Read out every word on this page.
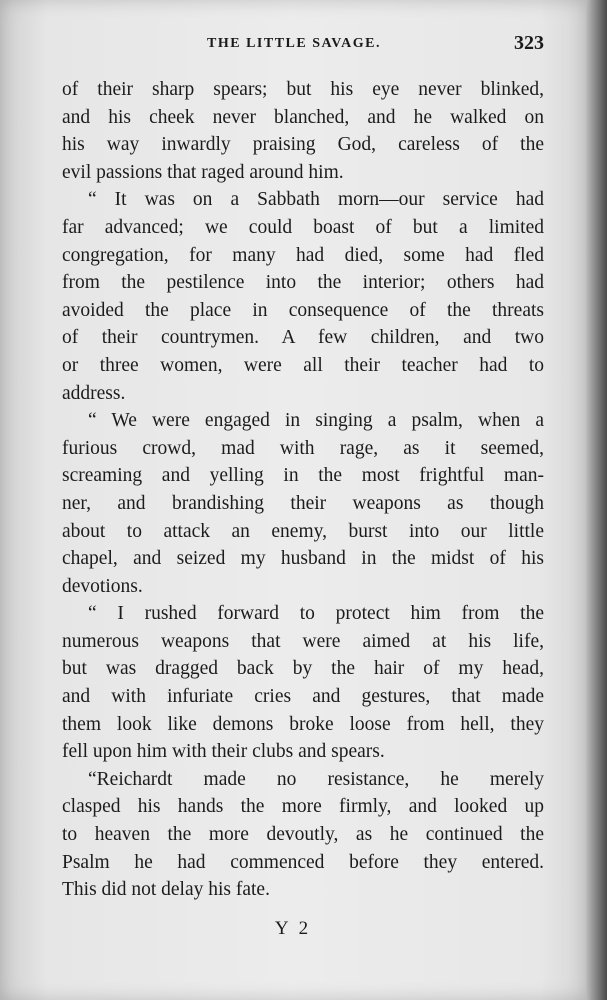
THE LITTLE SAVAGE.	323
of their sharp spears; but his eye never blinked,
and his cheek never blanched, and he walked on
his way inwardly praising God, careless of the
evil passions that raged around him.
“ It was on a Sabbath morn—our service had
far advanced; we could boast of but a limited
congregation, for many had died, some had fled
from the pestilence into the interior; others had
avoided the place in consequence of the threats
of their countrymen. A few children, and two
or three women, were all their teacher had to
address.
“ We were engaged in singing a psalm, when a
furious crowd, mad with rage, as it seemed,
screaming and yelling in the most frightful man-
ner, and brandishing their weapons as though
about to attack an enemy, burst into our little
chapel, and seized my husband in the midst of his
devotions.
“ I rushed forward to protect him from the
numerous weapons that were aimed at his life,
but was dragged back by the hair of my head,
and with infuriate cries and gestures, that made
them look like demons broke loose from hell, they
fell upon him with their clubs and spears.
“Reichardt made no resistance, he merely
clasped his hands the more firmly, and looked up
to heaven the more devoutly, as he continued the
Psalm he had commenced before they entered.
This did not delay his fate.
Y 2
